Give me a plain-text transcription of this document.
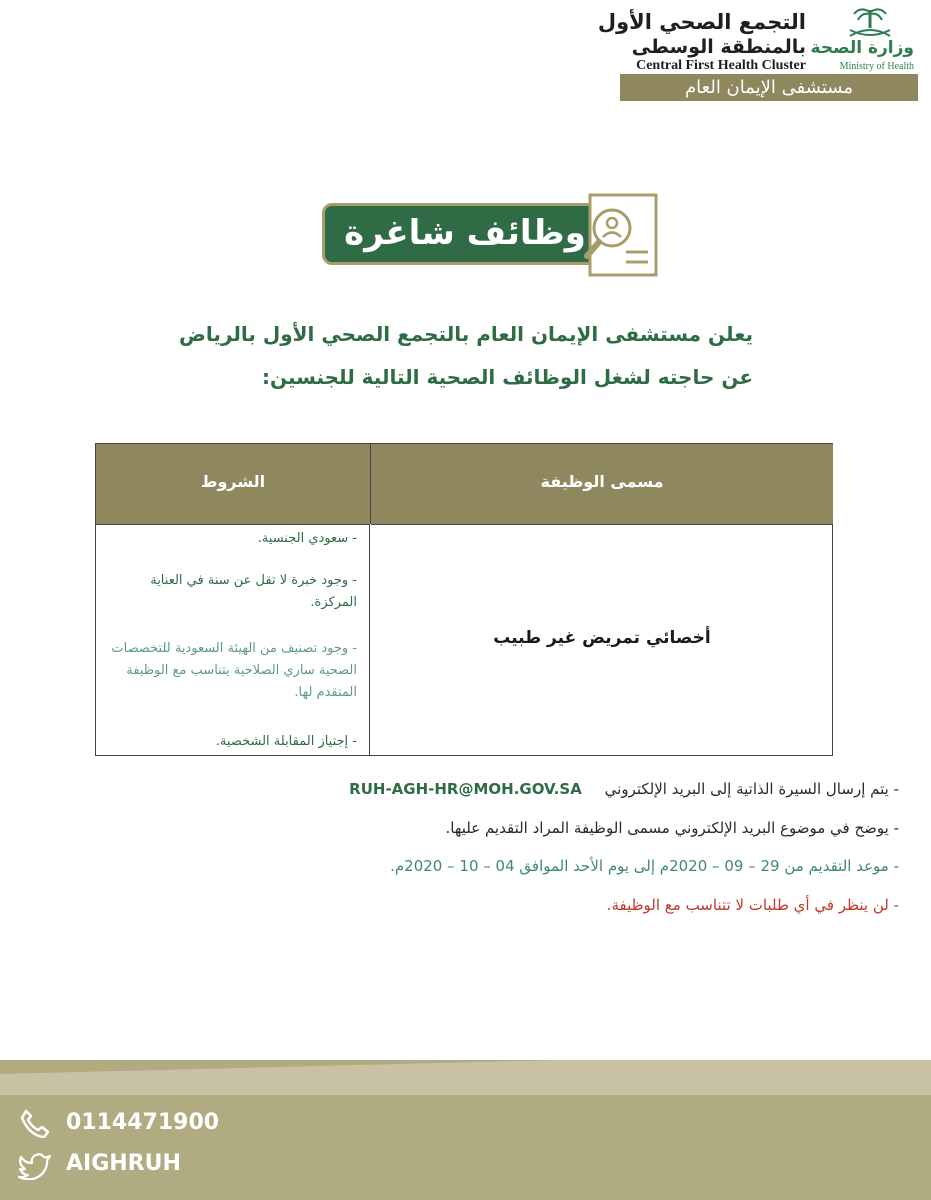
التجمع الصحي الأول
بالمنطقة الوسطى
Central First Health Cluster
وزارة الصحة
Ministry of Health
مستشفى الإيمان العام
وظائف شاغرة
يعلن مستشفى الإيمان العام بالتجمع الصحي الأول بالرياض
عن حاجته لشغل الوظائف الصحية التالية للجنسين:
الشروط	مسمى الوظيفة
- سعودي الجنسية.
- وجود خبرة لا تقل عن سنة في العناية المركزة.
- وجود تصنيف من الهيئة السعودية للتخصصات الصحية ساري الصلاحية يتناسب مع الوظيفة المتقدم لها.
- إجتياز المقابلة الشخصية.
أخصائي تمريض غير طبيب
- يتم إرسال السيرة الذاتية إلى البريد الإلكتروني RUH-AGH-HR@MOH.GOV.SA
- يوضح في موضوع البريد الإلكتروني مسمى الوظيفة المراد التقديم عليها.
- موعد التقديم من 29 – 09 – 2020م إلى يوم الأحد الموافق 04 – 10 – 2020م.
- لن ينظر في أي طلبات لا تتناسب مع الوظيفة.
0114471900
AIGHRUH
